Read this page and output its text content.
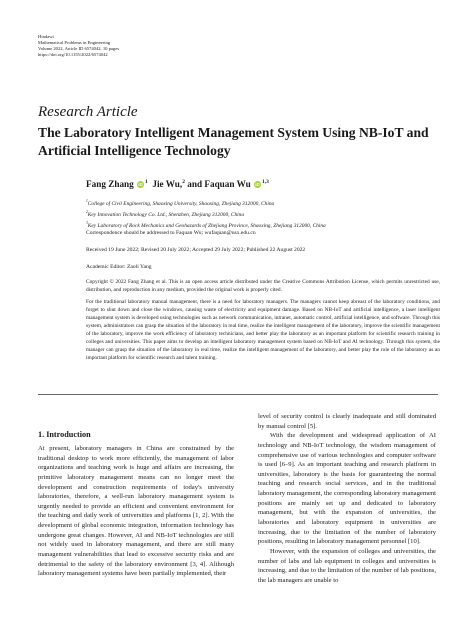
Hindawi
Mathematical Problems in Engineering
Volume 2022, Article ID 6574042, 10 pages
https://doi.org/10.1155/2022/6574042
Research Article
The Laboratory Intelligent Management System Using NB-IoT and Artificial Intelligence Technology
Fang Zhang iD $^1$ Jie Wu,$^2$ and Faquan Wu iD $^{1,3}$
$^1$College of Civil Engineering, Shaoxing University, Shaoxing, Zhejiang 312000, China
$^2$Key Innovation Technology Co. Ltd., Shenzhen, Zhejiang 312000, China
$^3$Key Laboratory of Rock Mechanics and Geohazards of Zhejiang Province, Shaoxing, Zhejiang 312000, China
Correspondence should be addressed to Faquan Wu; wufaquan@usx.edu.cn
Received 19 June 2022; Revised 20 July 2022; Accepted 29 July 2022; Published 22 August 2022
Academic Editor: Zaoli Yang
Copyright © 2022 Fang Zhang et al. This is an open access article distributed under the Creative Commons Attribution License, which permits unrestricted use, distribution, and reproduction in any medium, provided the original work is properly cited.
For the traditional laboratory manual management, there is a need for laboratory managers. The managers cannot keep abreast of the laboratory conditions, and forget to shut down and close the windows, causing waste of electricity and equipment damage. Based on NB-IoT and artificial intelligence, a laser intelligent management system is developed using technologies such as network communication, intranet, automatic control, artificial intelligence, and software. Through this system, administrators can grasp the situation of the laboratory in real time, realize the intelligent management of the laboratory, improve the scientific management of the laboratory, improve the work efficiency of laboratory technicians, and better play the laboratory as an important platform for scientific research training in colleges and universities. This paper aims to develop an intelligent laboratory management system based on NB-IoT and AI technology. Through this system, the manager can grasp the situation of the laboratory in real time, realize the intelligent management of the laboratory, and better play the role of the laboratory as an important platform for scientific research and talent training.
1. Introduction

At present, laboratory managers in China are constrained by the traditional desktop to work more efficiently, the management of labor organizations and teaching work is huge and affairs are increasing, the primitive laboratory management means can no longer meet the development and construction requirements of today's university laboratories, therefore, a well-run laboratory management system is urgently needed to provide an efficient and convenient environment for the teaching and daily work of universities and platforms [1, 2]. With the development of global economic integration, information technology has undergone great changes. However, AI and NB-IoT technologies are still not widely used in laboratory management, and there are still many management vulnerabilities that lead to excessive security risks and are detrimental to the safety of the laboratory environment [3, 4]. Although laboratory management systems have been partially implemented, their

level of security control is clearly inadequate and still dominated by manual control [5].

With the development and widespread application of AI technology and NB-IoT technology, the wisdom management of comprehensive use of various technologies and computer software is used [6–9]. As an important teaching and research platform in universities, laboratory is the basis for guaranteeing the normal teaching and research social services, and in the traditional laboratory management, the corresponding laboratory management positions are mainly set up and dedicated to laboratory management, but with the expansion of universities, the laboratories and laboratory equipment in universities are increasing, due to the limitation of the number of laboratory positions, resulting in laboratory management personnel [10].

However, with the expansion of colleges and universities, the number of labs and lab equipment in colleges and universities is increasing, and due to the limitation of the number of lab positions, the lab managers are unable to
